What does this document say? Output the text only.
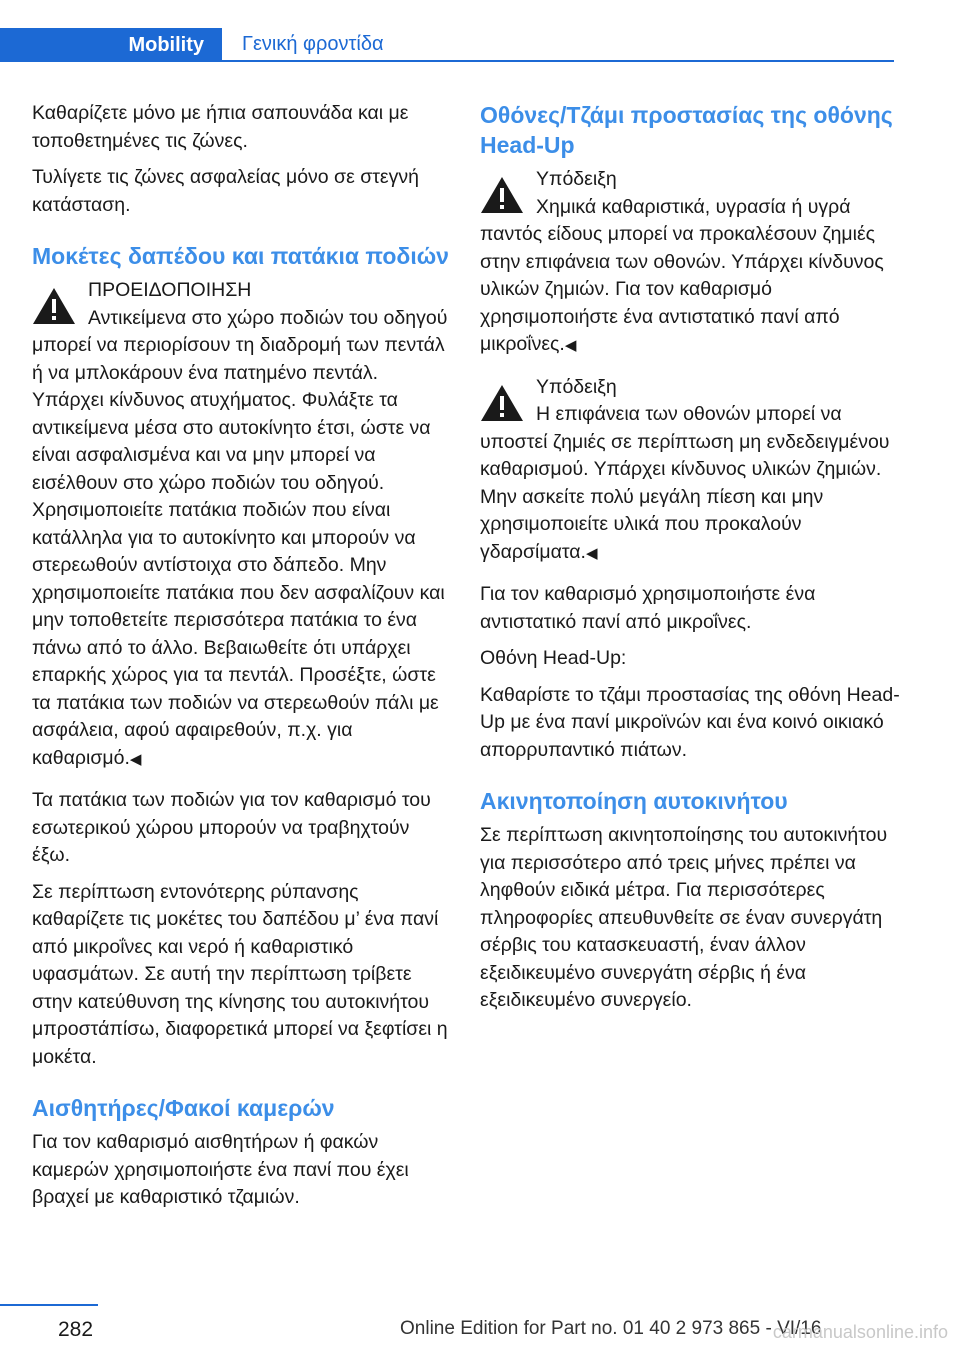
Mobility	Γενική φροντίδα

Καθαρίζετε μόνο με ήπια σαπουνάδα και με τοποθετημένες τις ζώνες.

Τυλίγετε τις ζώνες ασφαλείας μόνο σε στεγνή κατάσταση.

Μοκέτες δαπέδου και πατάκια ποδιών
ΠΡΟΕΙΔΟΠΟΙΗΣΗ
Αντικείμενα στο χώρο ποδιών του οδηγού μπορεί να περιορίσουν τη διαδρομή των πεντάλ ή να μπλοκάρουν ένα πατημένο πεντάλ. Υπάρχει κίνδυνος ατυχήματος. Φυλάξτε τα αντικείμενα μέσα στο αυτοκίνητο έτσι, ώστε να είναι ασφαλισμένα και να μην μπορεί να εισέλθουν στο χώρο ποδιών του οδηγού. Χρησιμοποιείτε πατάκια ποδιών που είναι κατάλληλα για το αυτοκίνητο και μπορούν να στερεωθούν αντίστοιχα στο δάπεδο. Μην χρησιμοποιείτε πατάκια που δεν ασφαλίζουν και μην τοποθετείτε περισσότερα πατάκια το ένα πάνω από το άλλο. Βεβαιωθείτε ότι υπάρχει επαρκής χώρος για τα πεντάλ. Προσέξτε, ώστε τα πατάκια των ποδιών να στερεωθούν πάλι με ασφάλεια, αφού αφαιρεθούν, π.χ. για καθαρισμό.◀

Τα πατάκια των ποδιών για τον καθαρισμό του εσωτερικού χώρου μπορούν να τραβηχτούν έξω.

Σε περίπτωση εντονότερης ρύπανσης καθαρίζετε τις μοκέτες του δαπέδου μ’ ένα πανί από μικροΐνες και νερό ή καθαριστικό υφασμάτων. Σε αυτή την περίπτωση τρίβετε στην κατεύθυνση της κίνησης του αυτοκινήτου μπροστάπίσω, διαφορετικά μπορεί να ξεφτίσει η μοκέτα.

Αισθητήρες/Φακοί καμερών

Για τον καθαρισμό αισθητήρων ή φακών καμερών χρησιμοποιήστε ένα πανί που έχει βραχεί με καθαριστικό τζαμιών.

Οθόνες/Τζάμι προστασίας της οθόνης Head-Up
Υπόδειξη
Χημικά καθαριστικά, υγρασία ή υγρά παντός είδους μπορεί να προκαλέσουν ζημιές στην επιφάνεια των οθονών. Υπάρχει κίνδυνος υλικών ζημιών. Για τον καθαρισμό χρησιμοποιήστε ένα αντιστατικό πανί από μικροΐνες.◀
Υπόδειξη
Η επιφάνεια των οθονών μπορεί να υποστεί ζημιές σε περίπτωση μη ενδεδειγμένου καθαρισμού. Υπάρχει κίνδυνος υλικών ζημιών. Μην ασκείτε πολύ μεγάλη πίεση και μην χρησιμοποιείτε υλικά που προκαλούν γδαρσίματα.◀

Για τον καθαρισμό χρησιμοποιήστε ένα αντιστατικό πανί από μικροΐνες.

Οθόνη Head-Up:

Καθαρίστε το τζάμι προστασίας της οθόνη Head-Up με ένα πανί μικροϊνών και ένα κοινό οικιακό απορρυπαντικό πιάτων.

Ακινητοποίηση αυτοκινήτου

Σε περίπτωση ακινητοποίησης του αυτοκινήτου για περισσότερο από τρεις μήνες πρέπει να ληφθούν ειδικά μέτρα. Για περισσότερες πληροφορίες απευθυνθείτε σε έναν συνεργάτη σέρβις του κατασκευαστή, έναν άλλον εξειδικευμένο συνεργάτη σέρβις ή ένα εξειδικευμένο συνεργείο.

282	Online Edition for Part no. 01 40 2 973 865 - VI/16
carmanualsonline.info
